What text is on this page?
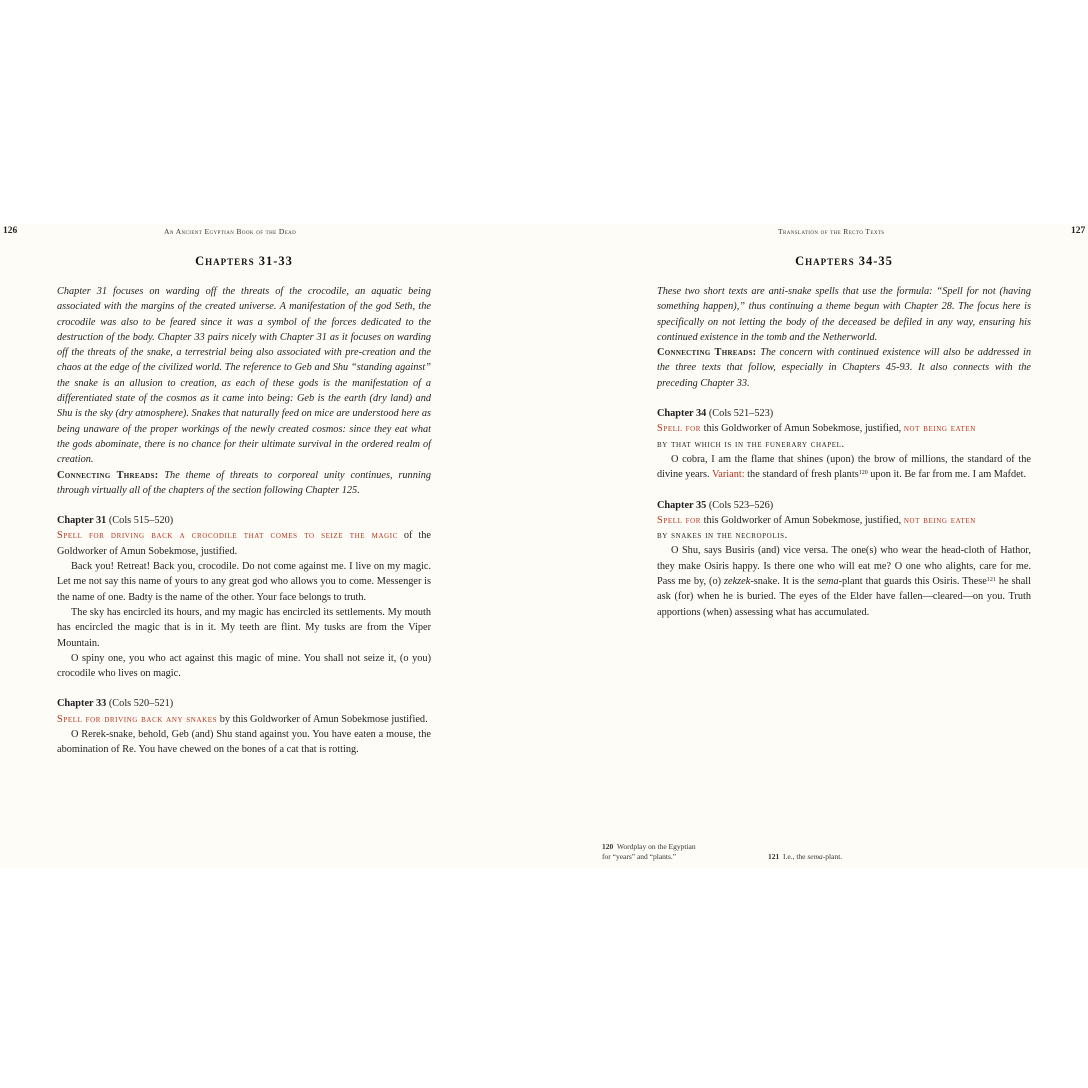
126	An Ancient Egyptian Book of the Dead
Chapters 31-33

Chapter 31 focuses on warding off the threats of the crocodile, an aquatic being associated with the margins of the created universe. A manifestation of the god Seth, the crocodile was also to be feared since it was a symbol of the forces dedicated to the destruction of the body. Chapter 33 pairs nicely with Chapter 31 as it focuses on warding off the threats of the snake, a terrestrial being also associated with pre-creation and the chaos at the edge of the civilized world. The reference to Geb and Shu “standing against” the snake is an allusion to creation, as each of these gods is the manifestation of a differentiated state of the cosmos as it came into being: Geb is the earth (dry land) and Shu is the sky (dry atmosphere). Snakes that naturally feed on mice are understood here as being unaware of the proper workings of the newly created cosmos: since they eat what the gods abominate, there is no chance for their ultimate survival in the ordered realm of creation.

Connecting Threads: The theme of threats to corporeal unity continues, running through virtually all of the chapters of the section following Chapter 125.

Chapter 31 (Cols 515–520)

Spell for driving back a crocodile that comes to seize the magic of the Goldworker of Amun Sobekmose, justified.

Back you! Retreat! Back you, crocodile. Do not come against me. I live on my magic. Let me not say this name of yours to any great god who allows you to come. Messenger is the name of one. Badty is the name of the other. Your face belongs to truth.

The sky has encircled its hours, and my magic has encircled its settlements. My mouth has encircled the magic that is in it. My teeth are flint. My tusks are from the Viper Mountain.

O spiny one, you who act against this magic of mine. You shall not seize it, (o you) crocodile who lives on magic.

Chapter 33 (Cols 520–521)

Spell for driving back any snakes by this Goldworker of Amun Sobekmose justified.

O Rerek-snake, behold, Geb (and) Shu stand against you. You have eaten a mouse, the abomination of Re. You have chewed on the bones of a cat that is rotting.

Translation of the Recto Texts	127
Chapters 34-35

These two short texts are anti-snake spells that use the formula: “Spell for not (having something happen),” thus continuing a theme begun with Chapter 28. The focus here is specifically on not letting the body of the deceased be defiled in any way, ensuring his continued existence in the tomb and the Netherworld.

Connecting Threads: The concern with continued existence will also be addressed in the three texts that follow, especially in Chapters 45-93. It also connects with the preceding Chapter 33.

Chapter 34 (Cols 521–523)

Spell for this Goldworker of Amun Sobekmose, justified, not being eaten

by that which is in the funerary chapel.

O cobra, I am the flame that shines (upon) the brow of millions, the standard of the divine years. Variant: the standard of fresh plants$^{120}$ upon it. Be far from me. I am Mafdet.

Chapter 35 (Cols 523–526)

Spell for this Goldworker of Amun Sobekmose, justified, not being eaten

by snakes in the necropolis.

O Shu, says Busiris (and) vice versa. The one(s) who wear the head-cloth of Hathor, they make Osiris happy. Is there one who will eat me? O one who alights, care for me. Pass me by, (o) zekzek-snake. It is the sema-plant that guards this Osiris. These$^{121}$ he shall ask (for) when he is buried. The eyes of the Elder have fallen—cleared—on you. Truth apportions (when) assessing what has accumulated.

120 Wordplay on the Egyptian
for “years” and “plants.”	121 I.e., the sema-plant.
